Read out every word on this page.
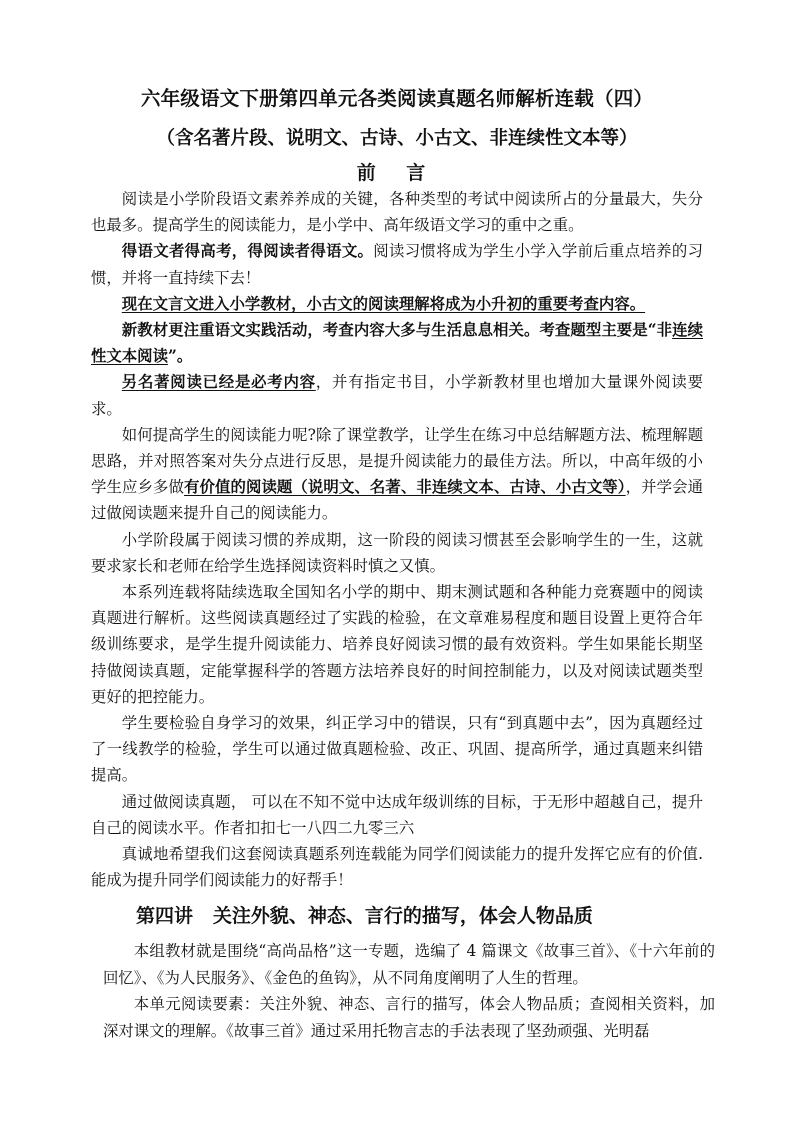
六年级语文下册第四单元各类阅读真题名师解析连载（四）
（含名著片段、说明文、古诗、小古文、非连续性文本等）
前 言

阅读是小学阶段语文素养养成的关键，各种类型的考试中阅读所占的分量最大，失分也最多。提高学生的阅读能力，是小学中、高年级语文学习的重中之重。

得语文者得高考，得阅读者得语文。阅读习惯将成为学生小学入学前后重点培养的习惯，并将一直持续下去！

现在文言文进入小学教材，小古文的阅读理解将成为小升初的重要考查内容。

新教材更注重语文实践活动，考查内容大多与生活息息相关。考查题型主要是“非连续性文本阅读”。

另名著阅读已经是必考内容，并有指定书目，小学新教材里也增加大量课外阅读要求。

如何提高学生的阅读能力呢?除了课堂教学，让学生在练习中总结解题方法、梳理解题思路，并对照答案对失分点进行反思，是提升阅读能力的最佳方法。所以，中高年级的小学生应乡多做有价值的阅读题（说明文、名著、非连续文本、古诗、小古文等），并学会通过做阅读题来提升自己的阅读能力。

小学阶段属于阅读习惯的养成期，这一阶段的阅读习惯甚至会影响学生的一生，这就要求家长和老师在给学生选择阅读资料时慎之又慎。

本系列连载将陆续选取全国知名小学的期中、期末测试题和各种能力竞赛题中的阅读真题进行解析。这些阅读真题经过了实践的检验，在文章难易程度和题目设置上更符合年级训练要求，是学生提升阅读能力、培养良好阅读习惯的最有效资料。学生如果能长期坚持做阅读真题，定能掌握科学的答题方法培养良好的时间控制能力，以及对阅读试题类型更好的把控能力。

学生要检验自身学习的效果，纠正学习中的错误，只有“到真题中去”，因为真题经过了一线教学的检验，学生可以通过做真题检验、改正、巩固、提高所学，通过真题来纠错提高。

通过做阅读真题， 可以在不知不觉中达成年级训练的目标，于无形中超越自己，提升自己的阅读水平。作者扣扣七一八四二九零三六

真诚地希望我们这套阅读真题系列连载能为同学们阅读能力的提升发挥它应有的价值.能成为提升同学们阅读能力的好帮手！

第四讲   关注外貌、神态、言行的描写，体会人物品质

本组教材就是围绕“高尚品格”这一专题，选编了 4 篇课文《故事三首》、《十六年前的回忆》、《为人民服务》、《金色的鱼钩》，从不同角度阐明了人生的哲理。

本单元阅读要素：关注外貌、神态、言行的描写，体会人物品质；查阅相关资料，加深对课文的理解。《故事三首》通过采用托物言志的手法表现了坚劲顽强、光明磊
